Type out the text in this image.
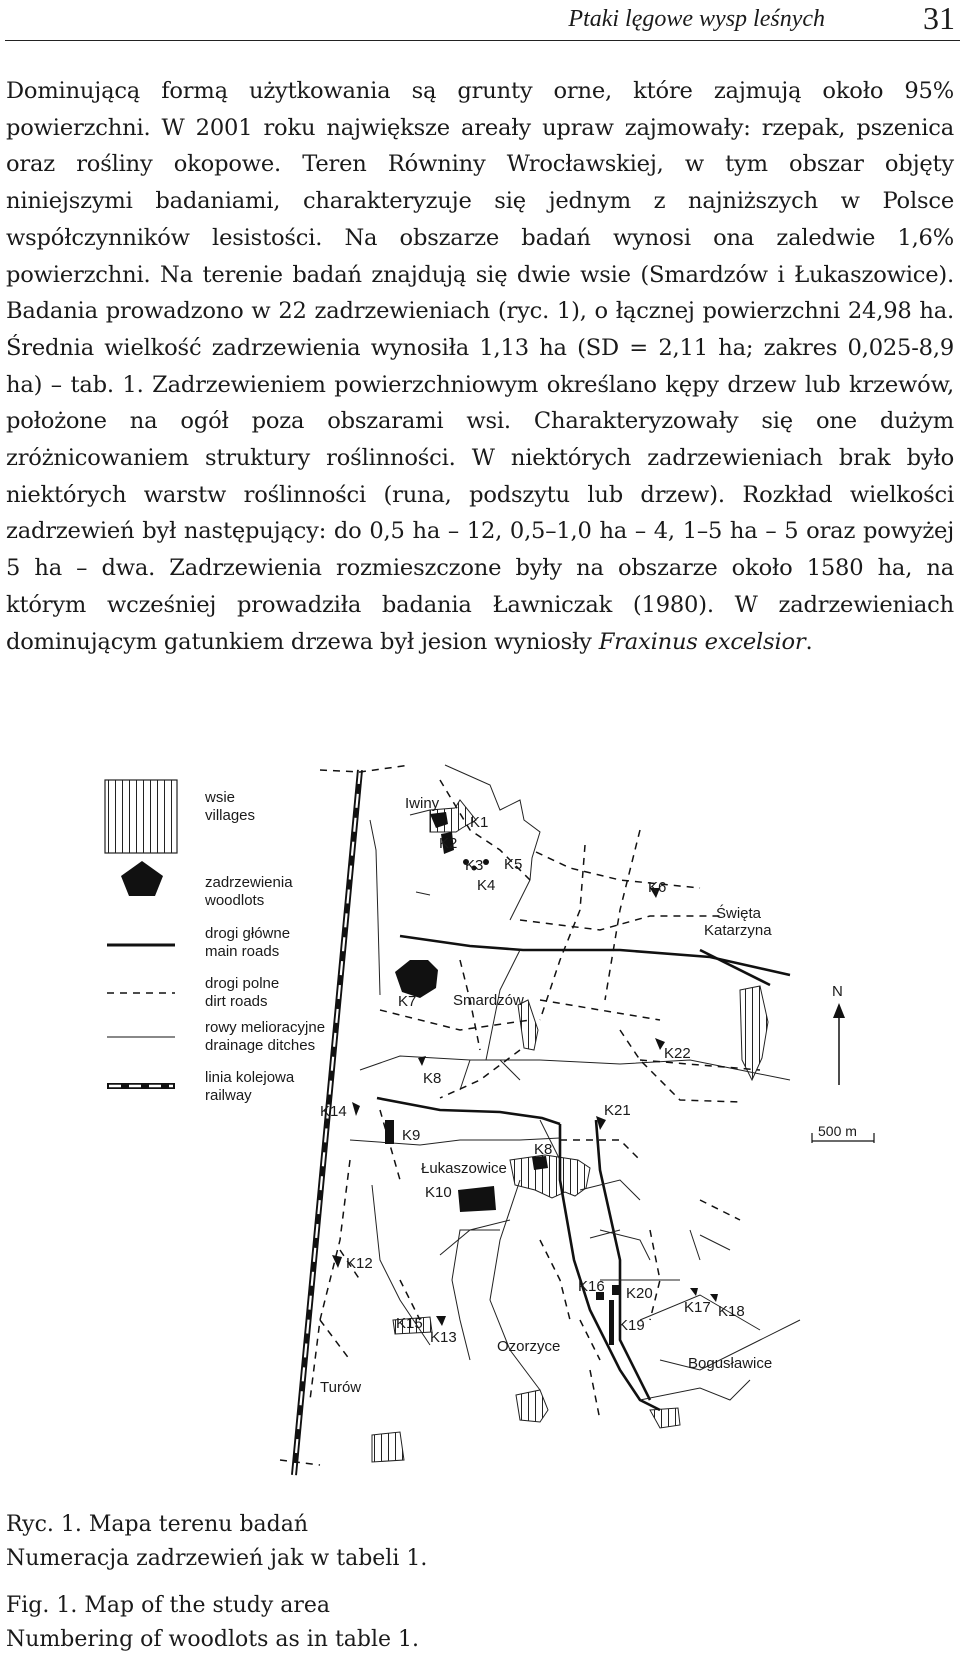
Ptaki lęgowe wysp leśnych	31

Dominującą formą użytkowania są grunty orne, które zajmują około 95% powierzchni. W 2001 roku największe areały upraw zajmowały: rzepak, pszenica oraz rośliny okopowe. Teren Równiny Wrocławskiej, w tym obszar objęty niniejszymi badaniami, charakteryzuje się jednym z najniższych w Polsce współczynników lesistości. Na obszarze badań wynosi ona zaledwie 1,6% powierzchni. Na terenie badań znajdują się dwie wsie (Smardzów i Łukaszowice). Badania prowadzono w 22 zadrzewieniach (ryc. 1), o łącznej powierzchni 24,98 ha. Średnia wielkość zadrzewienia wynosiła 1,13 ha (SD = 2,11 ha; zakres 0,025-8,9 ha) – tab. 1. Zadrzewieniem powierzchniowym określano kępy drzew lub krzewów, położone na ogół poza obszarami wsi. Charakteryzowały się one dużym zróżnicowaniem struktury roślinności. W niektórych zadrzewieniach brak było niektórych warstw roślinności (runa, podszytu lub drzew). Rozkład wielkości zadrzewień był następujący: do 0,5 ha – 12, 0,5–1,0 ha – 4, 1–5 ha – 5 oraz powyżej 5 ha – dwa. Zadrzewienia rozmieszczone były na obszarze około 1580 ha, na którym wcześniej prowadziła badania Ławniczak (1980). W zadrzewieniach dominującym gatunkiem drzewa był jesion wyniosły Fraxinus excelsior.

wsie
villages
zadrzewienia
woodlots
drogi główne
main roads
drogi polne
dirt roads
rowy melioracyjne
drainage ditches
linia kolejowa
railway
N
500 m
Iwiny
Święta
Katarzyna
Smardzów
Łukaszowice
Ozorzyce
Bogusławice
Turów
K1
K2
K3 K5
K4	K6
K7
K22
K8
K14	K21
K9
K8
K10
K12
K16 K20
K17 K18
K19
K15
K13
Ryc. 1. Mapa terenu badań
Numeracja zadrzewień jak w tabeli 1.
Fig. 1. Map of the study area
Numbering of woodlots as in table 1.
